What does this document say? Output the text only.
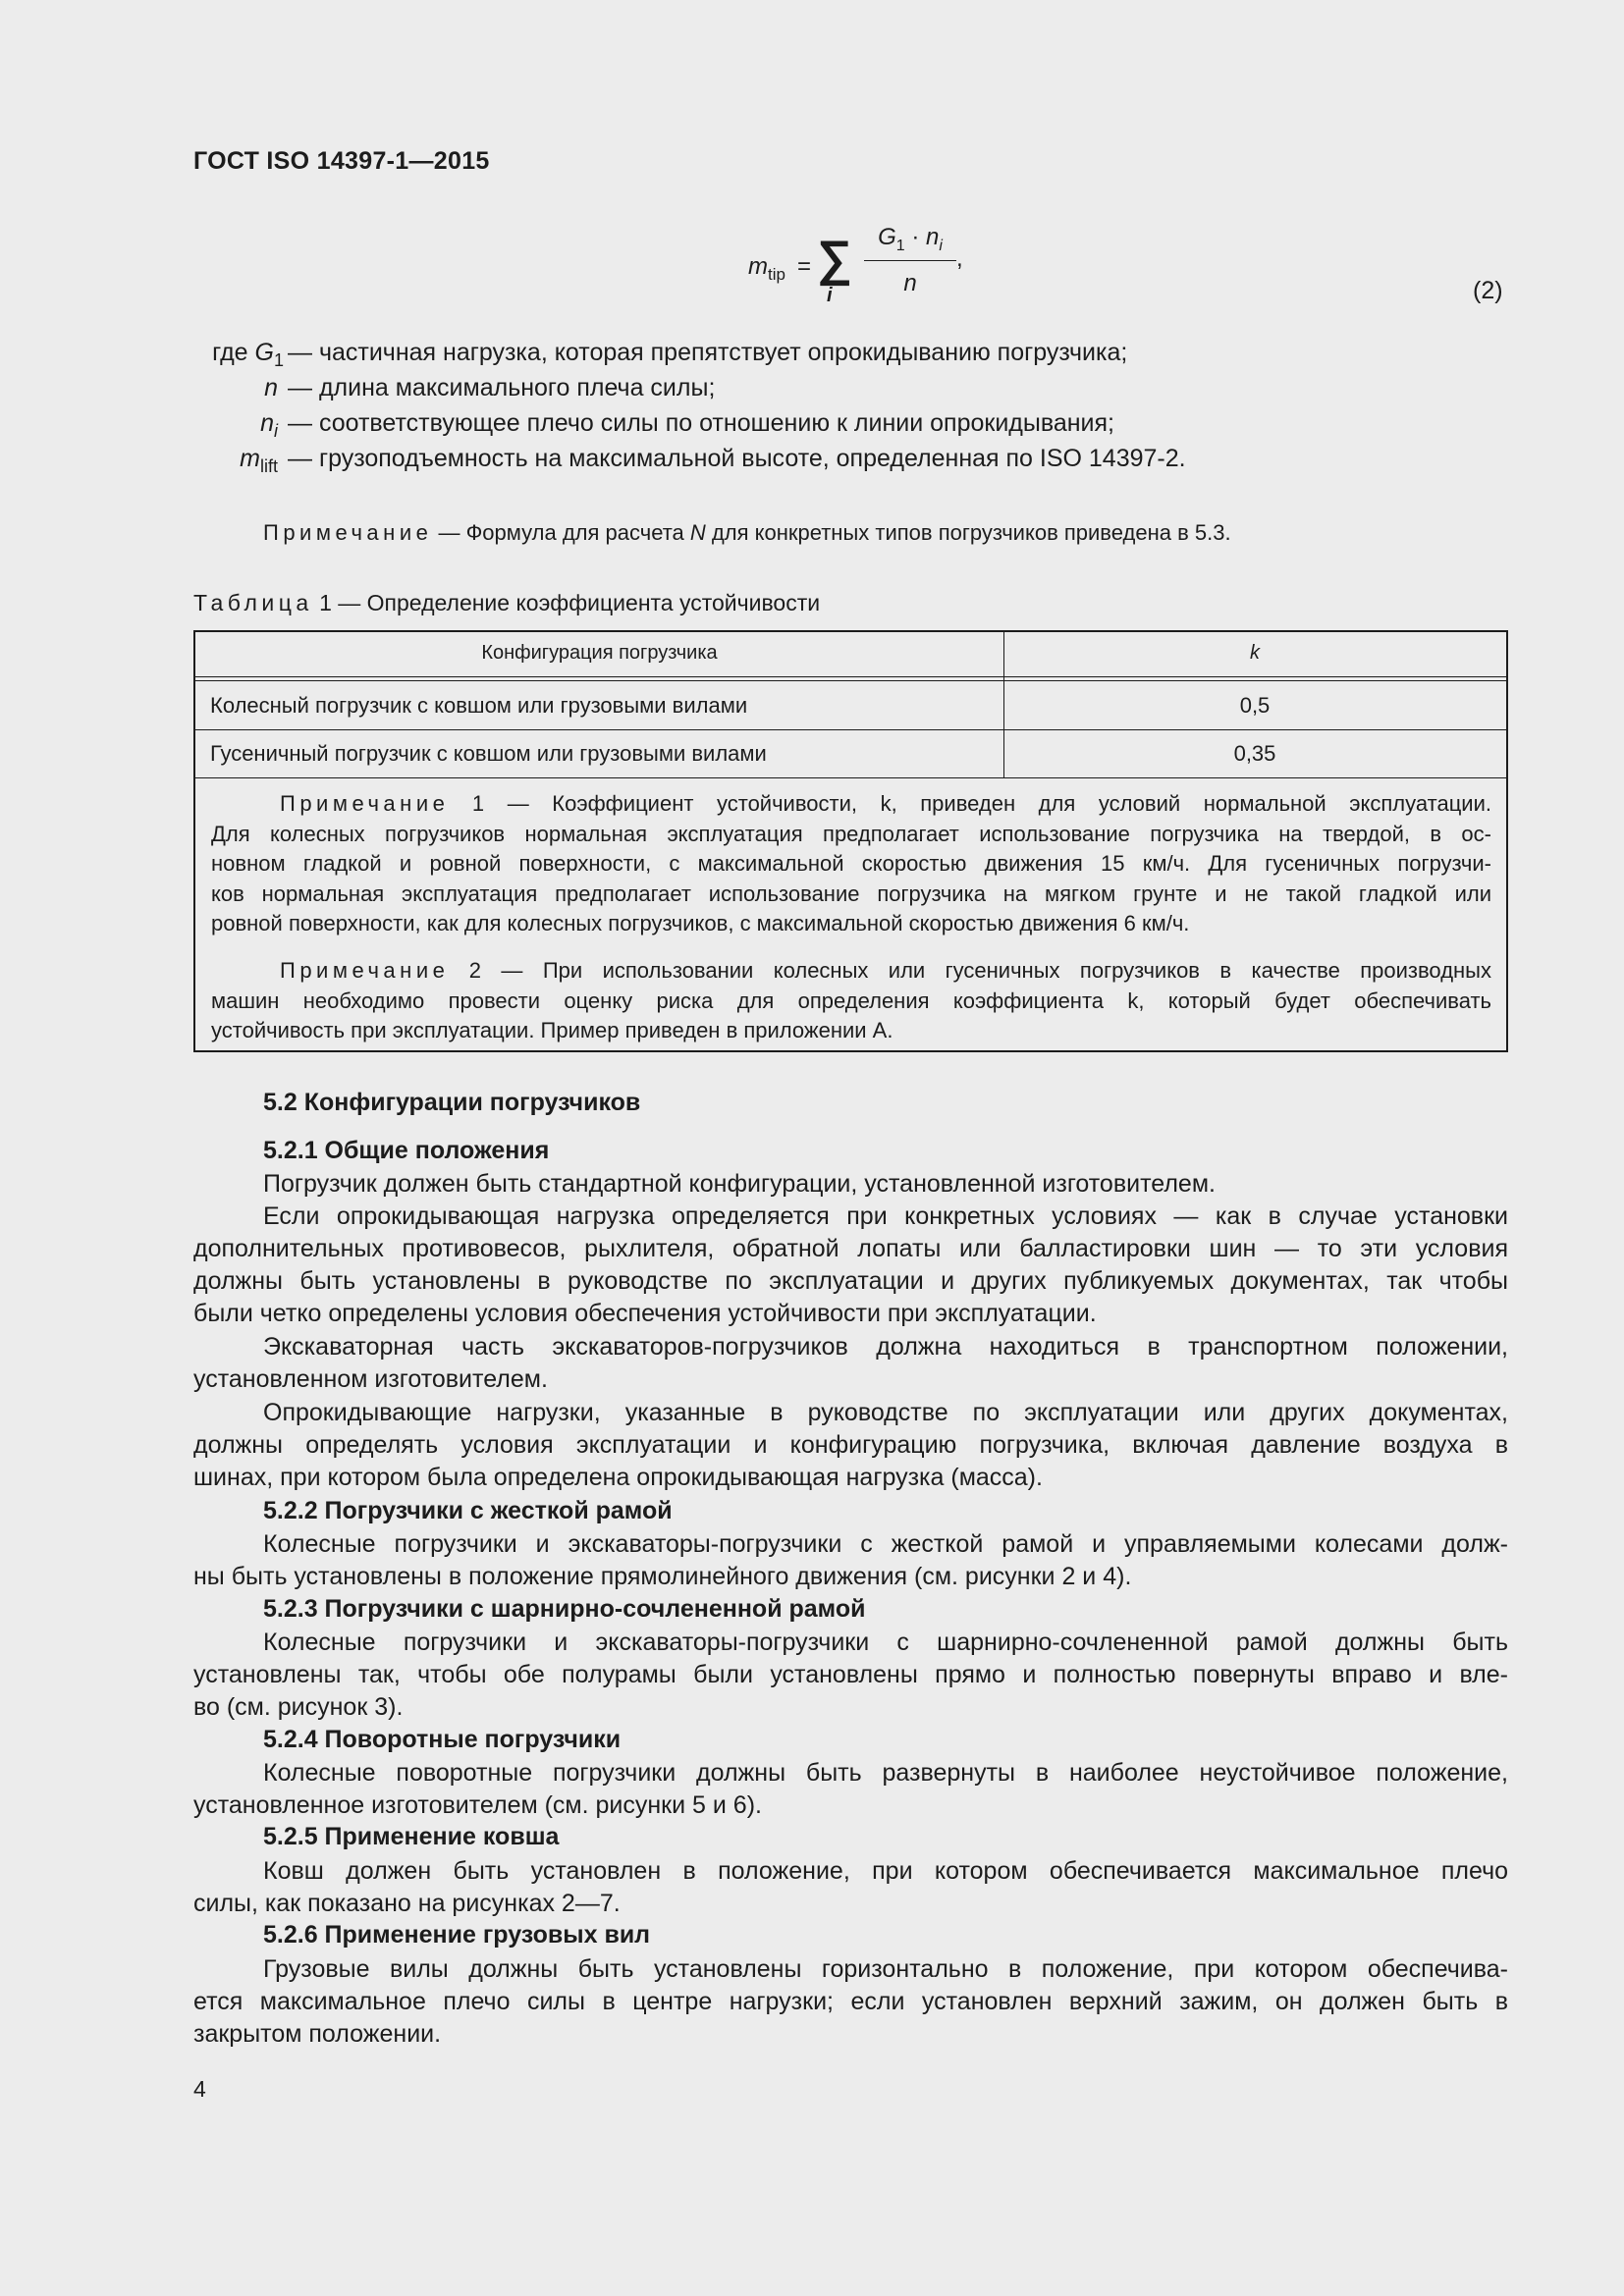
ГОСТ ISO 14397-1—2015
$m_{tip}$ = ∑
i
$G_1 \cdot n_i$
n
,
(2)
где $G_1$ — частичная нагрузка, которая препятствует опрокидыванию погрузчика;
n — длина максимального плеча силы;
$n_i$ — соответствующее плечо силы по отношению к линии опрокидывания;
$m_{lift}$ — грузоподъемность на максимальной высоте, определенная по ISO 14397-2.
Примечание — Формула для расчета N для конкретных типов погрузчиков приведена в 5.3.
Таблица 1 — Определение коэффициента устойчивости
Конфигурация погрузчика	k
Колесный погрузчик с ковшом или грузовыми вилами	0,5
Гусеничный погрузчик с ковшом или грузовыми вилами	0,35
Примечание 1 — Коэффициент устойчивости, k, приведен для условий нормальной эксплуатации.
Для колесных погрузчиков нормальная эксплуатация предполагает использование погрузчика на твердой, в ос-
новном гладкой и ровной поверхности, с максимальной скоростью движения 15 км/ч. Для гусеничных погрузчи-
ков нормальная эксплуатация предполагает использование погрузчика на мягком грунте и не такой гладкой или
ровной поверхности, как для колесных погрузчиков, с максимальной скоростью движения 6 км/ч.
Примечание 2 — При использовании колесных или гусеничных погрузчиков в качестве производных
машин необходимо провести оценку риска для определения коэффициента k, который будет обеспечивать
устойчивость при эксплуатации. Пример приведен в приложении А.
5.2 Конфигурации погрузчиков
5.2.1 Общие положения
Погрузчик должен быть стандартной конфигурации, установленной изготовителем.
Если опрокидывающая нагрузка определяется при конкретных условиях — как в случае установки
дополнительных противовесов, рыхлителя, обратной лопаты или балластировки шин — то эти условия
должны быть установлены в руководстве по эксплуатации и других публикуемых документах, так чтобы
были четко определены условия обеспечения устойчивости при эксплуатации.
Экскаваторная часть экскаваторов-погрузчиков должна находиться в транспортном положении,
установленном изготовителем.
Опрокидывающие нагрузки, указанные в руководстве по эксплуатации или других документах,
должны определять условия эксплуатации и конфигурацию погрузчика, включая давление воздуха в
шинах, при котором была определена опрокидывающая нагрузка (масса).
5.2.2 Погрузчики с жесткой рамой
Колесные погрузчики и экскаваторы-погрузчики с жесткой рамой и управляемыми колесами долж-
ны быть установлены в положение прямолинейного движения (см. рисунки 2 и 4).
5.2.3 Погрузчики с шарнирно-сочлененной рамой
Колесные погрузчики и экскаваторы-погрузчики с шарнирно-сочлененной рамой должны быть
установлены так, чтобы обе полурамы были установлены прямо и полностью повернуты вправо и вле-
во (см. рисунок 3).
5.2.4 Поворотные погрузчики
Колесные поворотные погрузчики должны быть развернуты в наиболее неустойчивое положение,
установленное изготовителем (см. рисунки 5 и 6).
5.2.5 Применение ковша
Ковш должен быть установлен в положение, при котором обеспечивается максимальное плечо
силы, как показано на рисунках 2—7.
5.2.6 Применение грузовых вил
Грузовые вилы должны быть установлены горизонтально в положение, при котором обеспечива-
ется максимальное плечо силы в центре нагрузки; если установлен верхний зажим, он должен быть в
закрытом положении.
4
